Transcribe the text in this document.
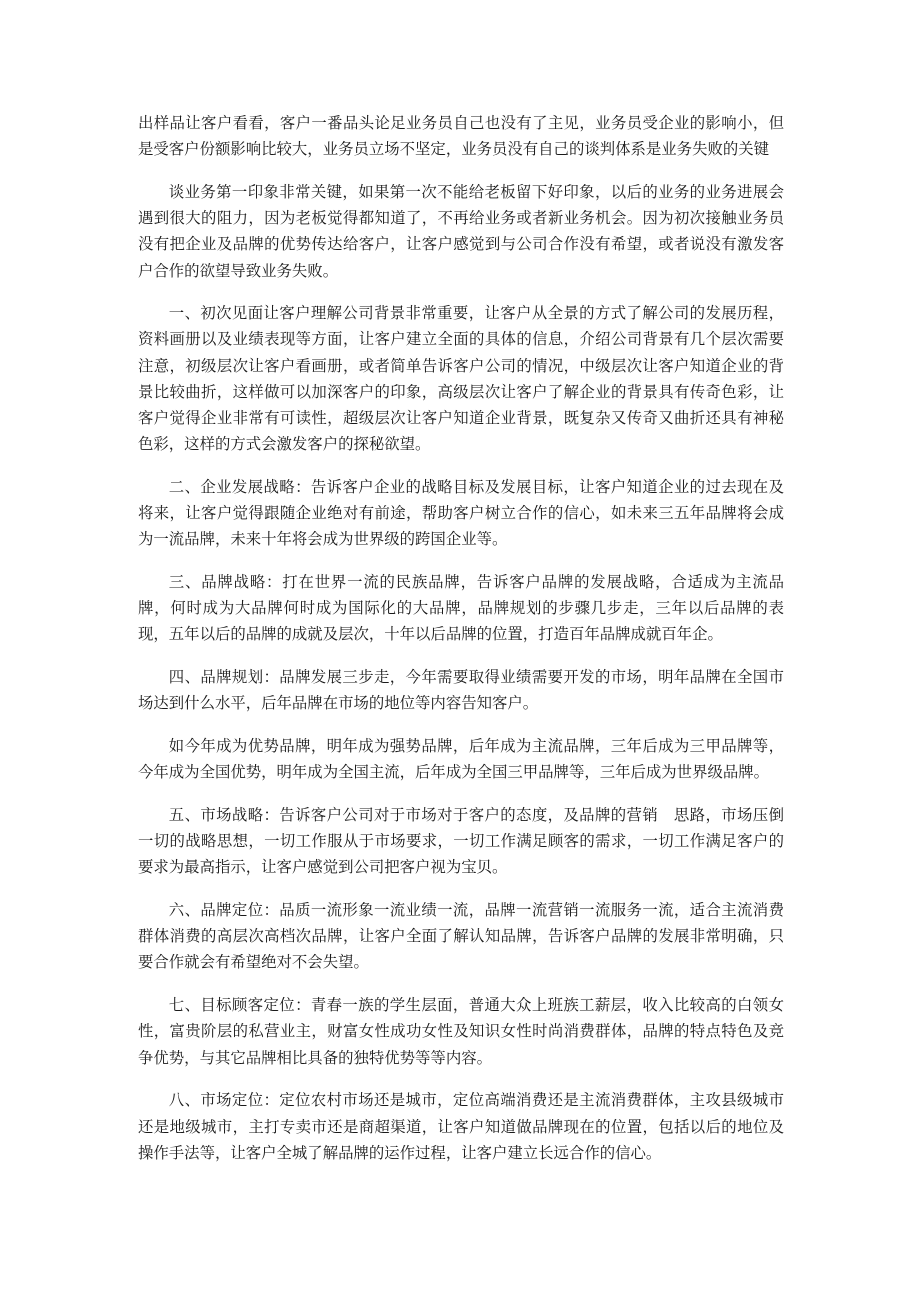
出样品让客户看看，客户一番品头论足业务员自己也没有了主见，业务员受企业的影响小，但是受客户份额影响比较大，业务员立场不坚定，业务员没有自己的谈判体系是业务失败的关键

谈业务第一印象非常关键，如果第一次不能给老板留下好印象，以后的业务的业务进展会遇到很大的阻力，因为老板觉得都知道了，不再给业务或者新业务机会。因为初次接触业务员没有把企业及品牌的优势传达给客户，让客户感觉到与公司合作没有希望，或者说没有激发客户合作的欲望导致业务失败。

一、初次见面让客户理解公司背景非常重要，让客户从全景的方式了解公司的发展历程，资料画册以及业绩表现等方面，让客户建立全面的具体的信息，介绍公司背景有几个层次需要注意，初级层次让客户看画册，或者简单告诉客户公司的情况，中级层次让客户知道企业的背景比较曲折，这样做可以加深客户的印象，高级层次让客户了解企业的背景具有传奇色彩，让客户觉得企业非常有可读性，超级层次让客户知道企业背景，既复杂又传奇又曲折还具有神秘色彩，这样的方式会激发客户的探秘欲望。

二、企业发展战略：告诉客户企业的战略目标及发展目标，让客户知道企业的过去现在及将来，让客户觉得跟随企业绝对有前途，帮助客户树立合作的信心，如未来三五年品牌将会成为一流品牌，未来十年将会成为世界级的跨国企业等。

三、品牌战略：打在世界一流的民族品牌，告诉客户品牌的发展战略，合适成为主流品牌，何时成为大品牌何时成为国际化的大品牌，品牌规划的步骤几步走，三年以后品牌的表现，五年以后的品牌的成就及层次，十年以后品牌的位置，打造百年品牌成就百年企。

四、品牌规划：品牌发展三步走，今年需要取得业绩需要开发的市场，明年品牌在全国市场达到什么水平，后年品牌在市场的地位等内容告知客户。

如今年成为优势品牌，明年成为强势品牌，后年成为主流品牌，三年后成为三甲品牌等，今年成为全国优势，明年成为全国主流，后年成为全国三甲品牌等，三年后成为世界级品牌。

五、市场战略：告诉客户公司对于市场对于客户的态度，及品牌的营销　思路，市场压倒一切的战略思想，一切工作服从于市场要求，一切工作满足顾客的需求，一切工作满足客户的要求为最高指示，让客户感觉到公司把客户视为宝贝。

六、品牌定位：品质一流形象一流业绩一流，品牌一流营销一流服务一流，适合主流消费群体消费的高层次高档次品牌，让客户全面了解认知品牌，告诉客户品牌的发展非常明确，只要合作就会有希望绝对不会失望。

七、目标顾客定位：青春一族的学生层面，普通大众上班族工薪层，收入比较高的白领女性，富贵阶层的私营业主，财富女性成功女性及知识女性时尚消费群体，品牌的特点特色及竞争优势，与其它品牌相比具备的独特优势等等内容。

八、市场定位：定位农村市场还是城市，定位高端消费还是主流消费群体，主攻县级城市还是地级城市，主打专卖市还是商超渠道，让客户知道做品牌现在的位置，包括以后的地位及操作手法等，让客户全城了解品牌的运作过程，让客户建立长远合作的信心。
